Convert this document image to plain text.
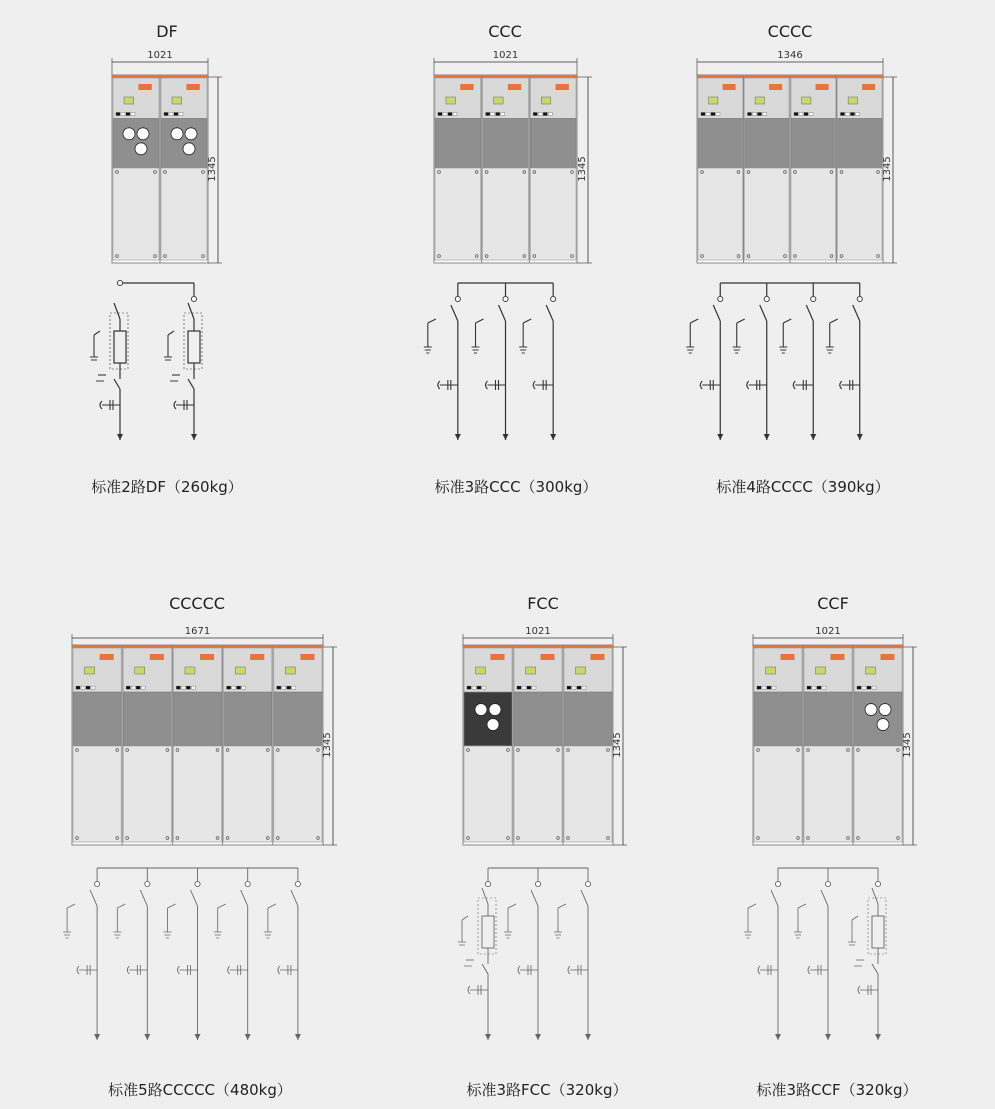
DF	CCC	CCCC
标准2路DF（260kg）	标准3路CCC（300kg）	标准4路CCCC（390kg）
CCCCC	FCC	CCF
标准5路CCCCC（480kg）	标准3路FCC（320kg）	标准3路CCF（320kg）
1021
1345
1021
1345
1346
1345
1671
1345
1021
1345
1021
1345
